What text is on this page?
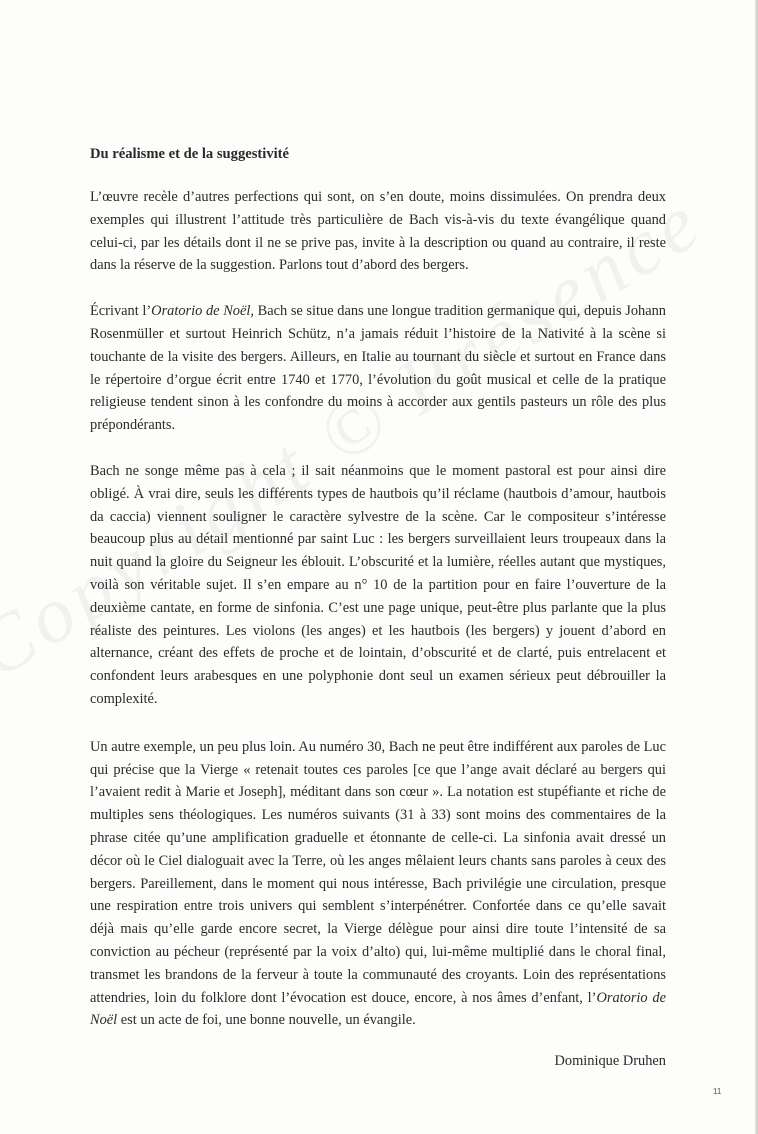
Du réalisme et de la suggestivité

L’œuvre recèle d’autres perfections qui sont, on s’en doute, moins dissimulées. On prendra deux exemples qui illustrent l’attitude très particulière de Bach vis-à-vis du texte évangélique quand celui-ci, par les détails dont il ne se prive pas, invite à la description ou quand au contraire, il reste dans la réserve de la suggestion. Parlons tout d’abord des bergers.

Écrivant l’Oratorio de Noël, Bach se situe dans une longue tradition germanique qui, depuis Johann Rosenmüller et surtout Heinrich Schütz, n’a jamais réduit l’histoire de la Nativité à la scène si touchante de la visite des bergers. Ailleurs, en Italie au tournant du siècle et surtout en France dans le répertoire d’orgue écrit entre 1740 et 1770, l’évolution du goût musical et celle de la pratique religieuse tendent sinon à les confondre du moins à accorder aux gentils pasteurs un rôle des plus prépondérants.

Bach ne songe même pas à cela ; il sait néanmoins que le moment pastoral est pour ainsi dire obligé. À vrai dire, seuls les différents types de hautbois qu’il réclame (hautbois d’amour, hautbois da caccia) viennent souligner le caractère sylvestre de la scène. Car le compositeur s’intéresse beaucoup plus au détail mentionné par saint Luc : les bergers surveillaient leurs troupeaux dans la nuit quand la gloire du Seigneur les éblouit. L’obscurité et la lumière, réelles autant que mystiques, voilà son véritable sujet. Il s’en empare au n° 10 de la partition pour en faire l’ouverture de la deuxième cantate, en forme de sinfonia. C’est une page unique, peut-être plus parlante que la plus réaliste des peintures. Les violons (les anges) et les hautbois (les bergers) y jouent d’abord en alternance, créant des effets de proche et de lointain, d’obscurité et de clarté, puis entrelacent et confondent leurs arabesques en une polyphonie dont seul un examen sérieux peut débrouiller la complexité.

Un autre exemple, un peu plus loin. Au numéro 30, Bach ne peut être indifférent aux paroles de Luc qui précise que la Vierge « retenait toutes ces paroles [ce que l’ange avait déclaré au bergers qui l’avaient redit à Marie et Joseph], méditant dans son cœur ». La notation est stupéfiante et riche de multiples sens théologiques. Les numéros suivants (31 à 33) sont moins des commentaires de la phrase citée qu’une amplification graduelle et étonnante de celle-ci. La sinfonia avait dressé un décor où le Ciel dialoguait avec la Terre, où les anges mêlaient leurs chants sans paroles à ceux des bergers. Pareillement, dans le moment qui nous intéresse, Bach privilégie une circulation, presque une respiration entre trois univers qui semblent s’interpénétrer. Confortée dans ce qu’elle savait déjà mais qu’elle garde encore secret, la Vierge délègue pour ainsi dire toute l’intensité de sa conviction au pécheur (représenté par la voix d’alto) qui, lui-même multiplié dans le choral final, transmet les brandons de la ferveur à toute la communauté des croyants. Loin des représentations attendries, loin du folklore dont l’évocation est douce, encore, à nos âmes d’enfant, l’Oratorio de Noël est un acte de foi, une bonne nouvelle, un évangile.

Dominique Druhen
11
